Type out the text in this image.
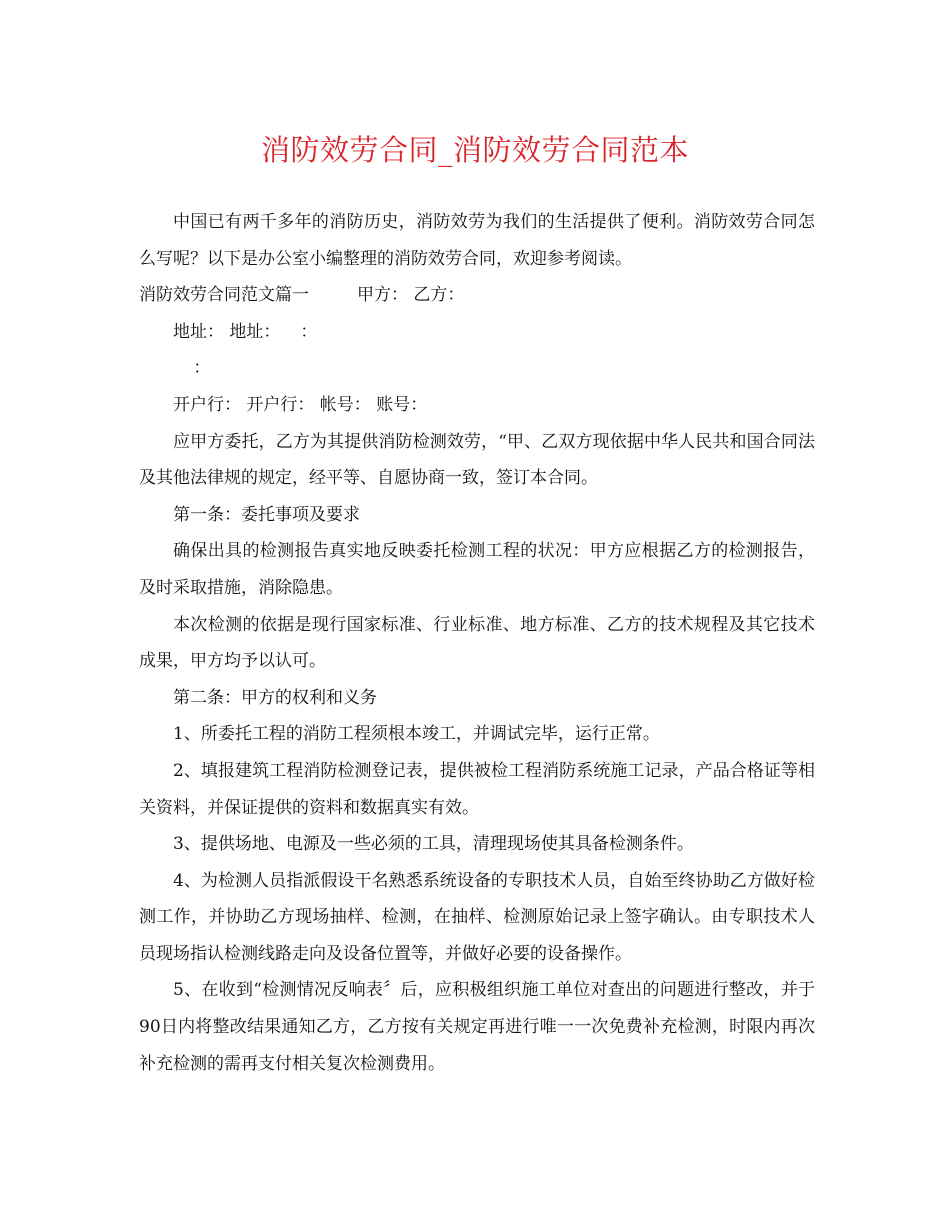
消防效劳合同_消防效劳合同范本

中国已有两千多年的消防历史，消防效劳为我们的生活提供了便利。消防效劳合同怎么写呢？以下是办公室小编整理的消防效劳合同，欢迎参考阅读。

消防效劳合同范文篇一	甲方： 乙方：

地址： 地址： ：

：

开户行： 开户行： 帐号： 账号：

应甲方委托，乙方为其提供消防检测效劳，“甲、乙双方现依据中华人民共和国合同法及其他法律规的规定，经平等、自愿协商一致，签订本合同。

第一条：委托事项及要求

确保出具的检测报告真实地反映委托检测工程的状况：甲方应根据乙方的检测报告，及时采取措施，消除隐患。

本次检测的依据是现行国家标准、行业标准、地方标准、乙方的技术规程及其它技术成果，甲方均予以认可。

第二条：甲方的权利和义务

1、所委托工程的消防工程须根本竣工，并调试完毕，运行正常。

2、填报建筑工程消防检测登记表，提供被检工程消防系统施工记录，产品合格证等相关资料，并保证提供的资料和数据真实有效。

3、提供场地、电源及一些必须的工具，清理现场使其具备检测条件。

4、为检测人员指派假设干名熟悉系统设备的专职技术人员，自始至终协助乙方做好检测工作，并协助乙方现场抽样、检测，在抽样、检测原始记录上签字确认。由专职技术人员现场指认检测线路走向及设备位置等，并做好必要的设备操作。

5、在收到“检测情况反响表〞后，应积极组织施工单位对查出的问题进行整改，并于90日内将整改结果通知乙方，乙方按有关规定再进行唯一一次免费补充检测，时限内再次补充检测的需再支付相关复次检测费用。
